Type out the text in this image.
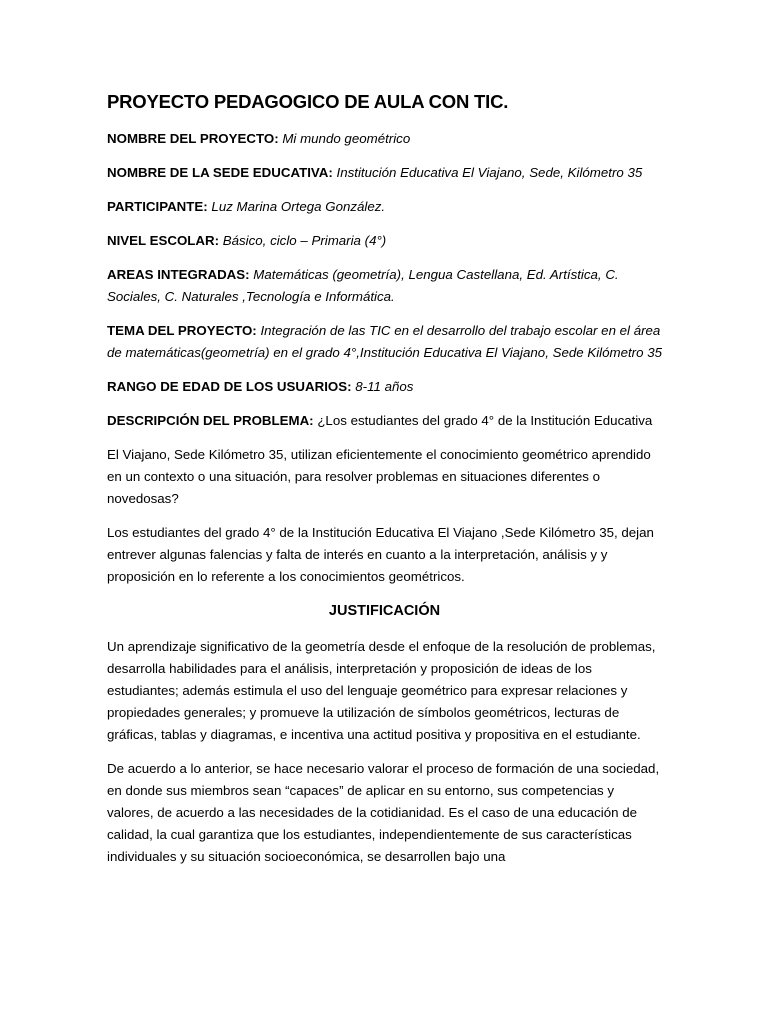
PROYECTO PEDAGOGICO DE AULA CON TIC.
NOMBRE DEL PROYECTO: Mi mundo geométrico
NOMBRE DE LA SEDE EDUCATIVA: Institución Educativa El Viajano, Sede, Kilómetro 35
PARTICIPANTE: Luz Marina Ortega González.
NIVEL ESCOLAR: Básico, ciclo – Primaria (4°)
AREAS INTEGRADAS: Matemáticas (geometría), Lengua Castellana, Ed. Artística, C. Sociales, C. Naturales ,Tecnología e Informática.
TEMA DEL PROYECTO: Integración de las TIC en el desarrollo del trabajo escolar en el área de matemáticas(geometría) en el grado 4°,Institución Educativa El Viajano, Sede Kilómetro 35
RANGO DE EDAD DE LOS USUARIOS: 8-11 años
DESCRIPCIÓN DEL PROBLEMA: ¿Los estudiantes del grado 4° de la Institución Educativa

El Viajano, Sede Kilómetro 35, utilizan eficientemente el conocimiento geométrico aprendido en un contexto o una situación, para resolver problemas en situaciones diferentes o novedosas?

Los estudiantes del grado 4° de la Institución Educativa El Viajano ,Sede Kilómetro 35, dejan entrever algunas falencias y falta de interés en cuanto a la interpretación, análisis y y proposición en lo referente a los conocimientos geométricos.

JUSTIFICACIÓN

Un aprendizaje significativo de la geometría desde el enfoque de la resolución de problemas, desarrolla habilidades para el análisis, interpretación y proposición de ideas de los estudiantes; además estimula el uso del lenguaje geométrico para expresar relaciones y propiedades generales; y promueve la utilización de símbolos geométricos, lecturas de gráficas, tablas y diagramas, e incentiva una actitud positiva y propositiva en el estudiante.

De acuerdo a lo anterior, se hace necesario valorar el proceso de formación de una sociedad, en donde sus miembros sean “capaces” de aplicar en su entorno, sus competencias y valores, de acuerdo a las necesidades de la cotidianidad. Es el caso de una educación de calidad, la cual garantiza que los estudiantes, independientemente de sus características individuales y su situación socioeconómica, se desarrollen bajo una
